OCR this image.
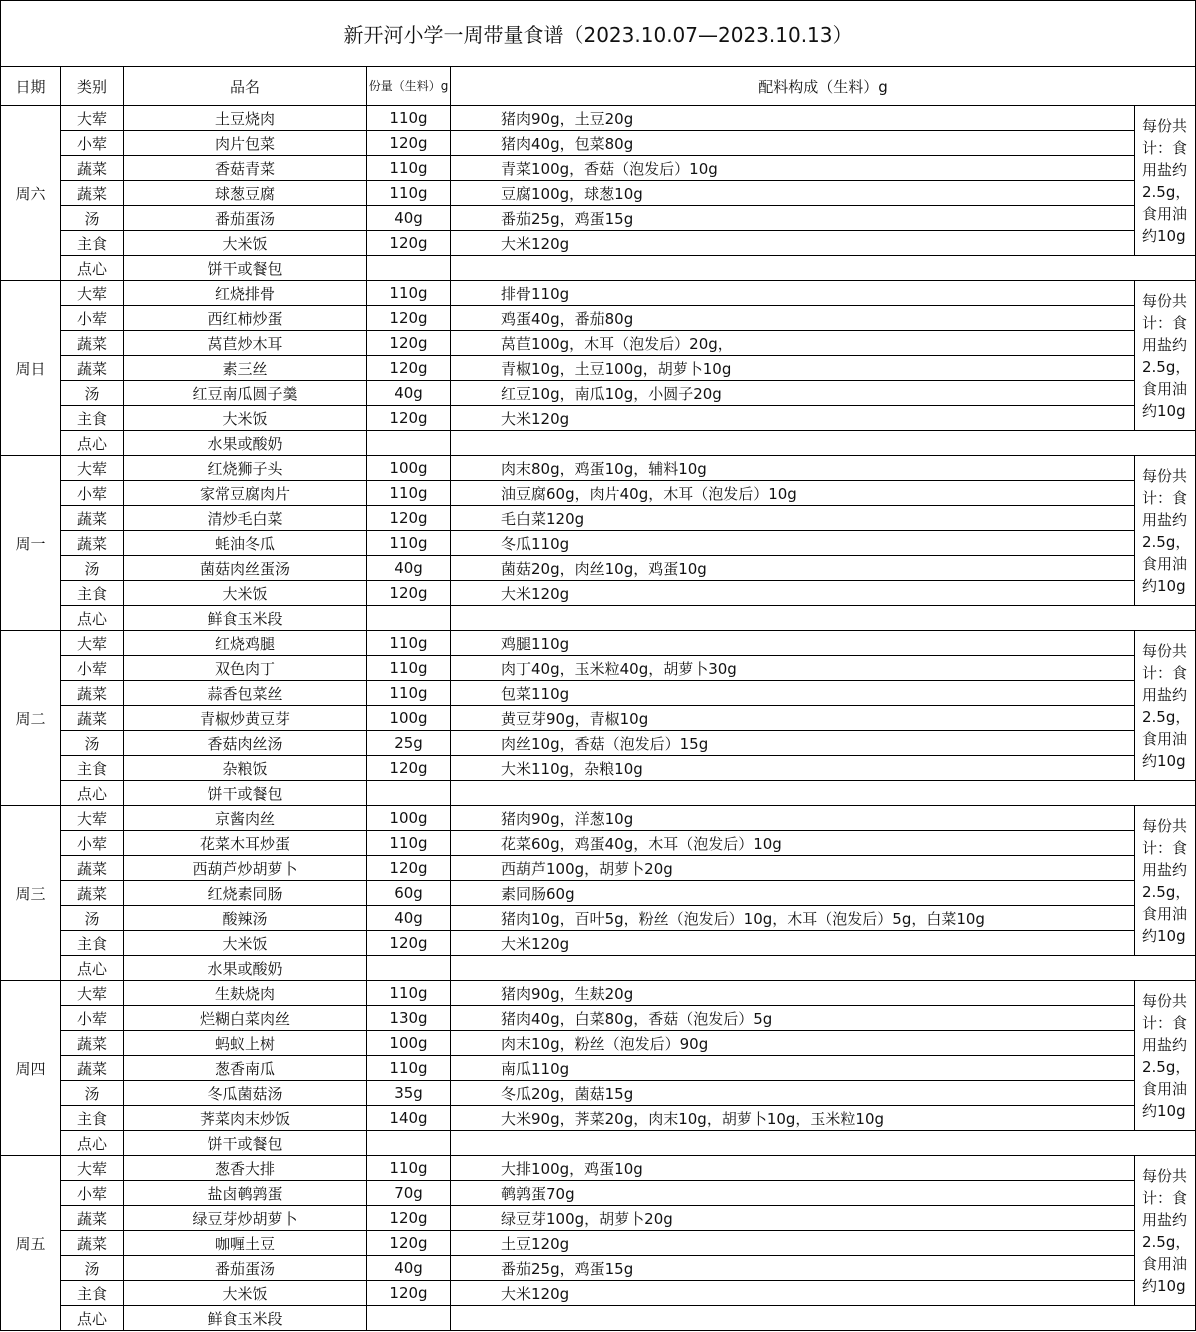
新开河小学一周带量食谱（2023.10.07—2023.10.13）
日期	类别	品名	份量（生料）g	配料构成（生料）g	
周六	大荤	土豆烧肉	110g	猪肉90g，土豆20g	每份共计：食用盐约2.5g，食用油约10g
	小荤	肉片包菜	120g	猪肉40g，包菜80g	
	蔬菜	香菇青菜	110g	青菜100g，香菇（泡发后）10g	
	蔬菜	球葱豆腐	110g	豆腐100g，球葱10g	
	汤	番茄蛋汤	40g	番茄25g，鸡蛋15g	
	主食	大米饭	120g	大米120g	
	点心	饼干或餐包			
周日	大荤	红烧排骨	110g	排骨110g	每份共计：食用盐约2.5g，食用油约10g
	小荤	西红柿炒蛋	120g	鸡蛋40g，番茄80g	
	蔬菜	莴苣炒木耳	120g	莴苣100g，木耳（泡发后）20g，	
	蔬菜	素三丝	120g	青椒10g，土豆100g，胡萝卜10g	
	汤	红豆南瓜圆子羹	40g	红豆10g，南瓜10g，小圆子20g	
	主食	大米饭	120g	大米120g	
	点心	水果或酸奶			
周一	大荤	红烧狮子头	100g	肉末80g，鸡蛋10g，辅料10g	每份共计：食用盐约2.5g，食用油约10g
	小荤	家常豆腐肉片	110g	油豆腐60g，肉片40g，木耳（泡发后）10g	
	蔬菜	清炒毛白菜	120g	毛白菜120g	
	蔬菜	蚝油冬瓜	110g	冬瓜110g	
	汤	菌菇肉丝蛋汤	40g	菌菇20g，肉丝10g，鸡蛋10g	
	主食	大米饭	120g	大米120g	
	点心	鲜食玉米段			
周二	大荤	红烧鸡腿	110g	鸡腿110g	每份共计：食用盐约2.5g，食用油约10g
	小荤	双色肉丁	110g	肉丁40g，玉米粒40g，胡萝卜30g	
	蔬菜	蒜香包菜丝	110g	包菜110g	
	蔬菜	青椒炒黄豆芽	100g	黄豆芽90g，青椒10g	
	汤	香菇肉丝汤	25g	肉丝10g，香菇（泡发后）15g	
	主食	杂粮饭	120g	大米110g，杂粮10g	
	点心	饼干或餐包			
周三	大荤	京酱肉丝	100g	猪肉90g，洋葱10g	每份共计：食用盐约2.5g，食用油约10g
	小荤	花菜木耳炒蛋	110g	花菜60g，鸡蛋40g，木耳（泡发后）10g	
	蔬菜	西葫芦炒胡萝卜	120g	西葫芦100g，胡萝卜20g	
	蔬菜	红烧素同肠	60g	素同肠60g	
	汤	酸辣汤	40g	猪肉10g，百叶5g，粉丝（泡发后）10g，木耳（泡发后）5g，白菜10g	
	主食	大米饭	120g	大米120g	
	点心	水果或酸奶			
周四	大荤	生麸烧肉	110g	猪肉90g，生麸20g	每份共计：食用盐约2.5g，食用油约10g
	小荤	烂糊白菜肉丝	130g	猪肉40g，白菜80g，香菇（泡发后）5g	
	蔬菜	蚂蚁上树	100g	肉末10g，粉丝（泡发后）90g	
	蔬菜	葱香南瓜	110g	南瓜110g	
	汤	冬瓜菌菇汤	35g	冬瓜20g，菌菇15g	
	主食	荠菜肉末炒饭	140g	大米90g，荠菜20g，肉末10g，胡萝卜10g，玉米粒10g	
	点心	饼干或餐包			
周五	大荤	葱香大排	110g	大排100g，鸡蛋10g	每份共计：食用盐约2.5g，食用油约10g
	小荤	盐卤鹌鹑蛋	70g	鹌鹑蛋70g	
	蔬菜	绿豆芽炒胡萝卜	120g	绿豆芽100g，胡萝卜20g	
	蔬菜	咖喱土豆	120g	土豆120g	
	汤	番茄蛋汤	40g	番茄25g，鸡蛋15g	
	主食	大米饭	120g	大米120g	
	点心	鲜食玉米段			
